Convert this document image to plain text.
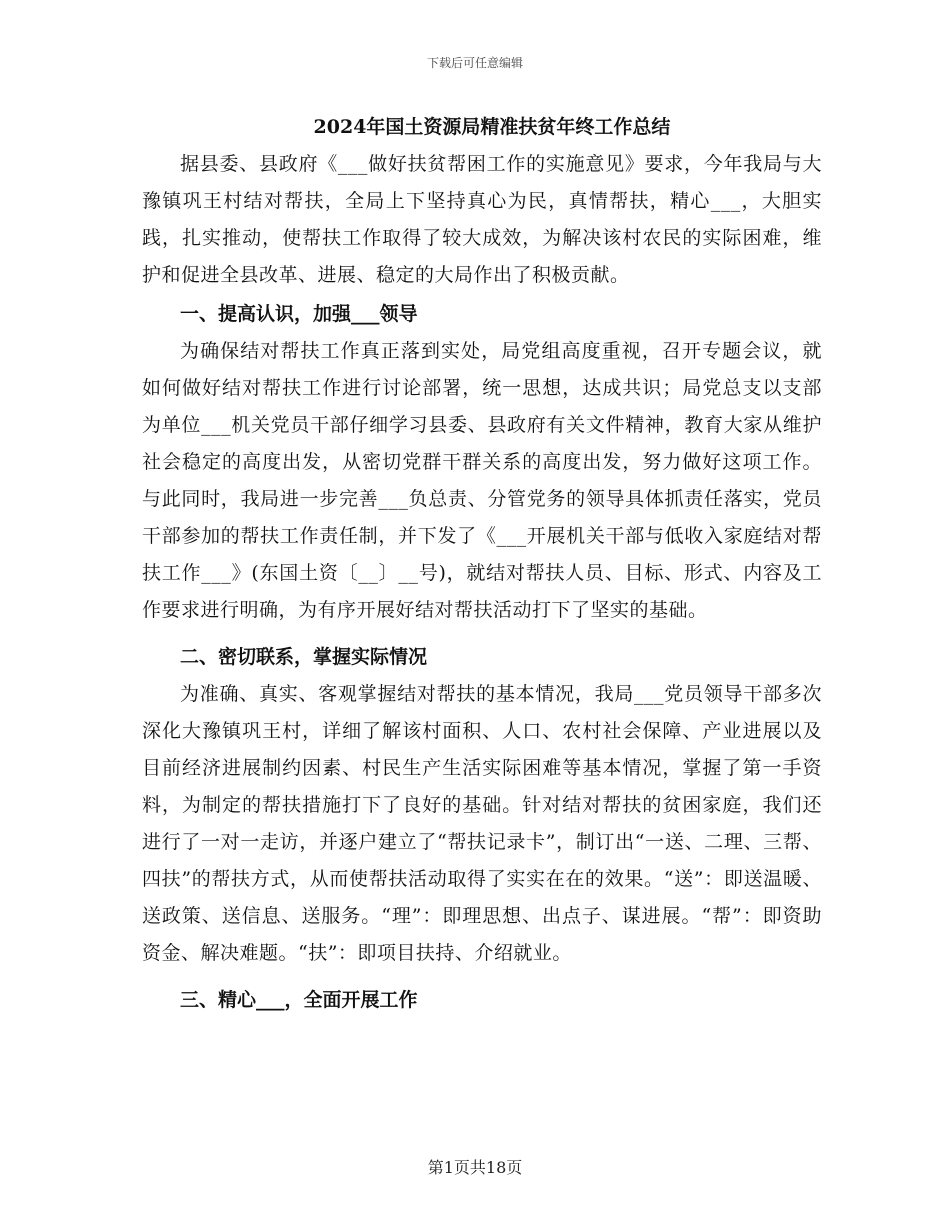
下载后可任意编辑
2024年国土资源局精准扶贫年终工作总结

据县委、县政府《___做好扶贫帮困工作的实施意见》要求，今年我局与大豫镇巩王村结对帮扶，全局上下坚持真心为民，真情帮扶，精心___，大胆实践，扎实推动，使帮扶工作取得了较大成效，为解决该村农民的实际困难，维护和促进全县改革、进展、稳定的大局作出了积极贡献。

一、提高认识，加强___领导

为确保结对帮扶工作真正落到实处，局党组高度重视，召开专题会议，就如何做好结对帮扶工作进行讨论部署，统一思想，达成共识；局党总支以支部为单位___机关党员干部仔细学习县委、县政府有关文件精神，教育大家从维护社会稳定的高度出发，从密切党群干群关系的高度出发，努力做好这项工作。与此同时，我局进一步完善___负总责、分管党务的领导具体抓责任落实，党员干部参加的帮扶工作责任制，并下发了《___开展机关干部与低收入家庭结对帮扶工作___》(东国土资〔__〕__号)，就结对帮扶人员、目标、形式、内容及工作要求进行明确，为有序开展好结对帮扶活动打下了坚实的基础。

二、密切联系，掌握实际情况

为准确、真实、客观掌握结对帮扶的基本情况，我局___党员领导干部多次深化大豫镇巩王村，详细了解该村面积、人口、农村社会保障、产业进展以及目前经济进展制约因素、村民生产生活实际困难等基本情况，掌握了第一手资料，为制定的帮扶措施打下了良好的基础。针对结对帮扶的贫困家庭，我们还进行了一对一走访，并逐户建立了“帮扶记录卡”，制订出“一送、二理、三帮、四扶”的帮扶方式，从而使帮扶活动取得了实实在在的效果。“送”：即送温暖、送政策、送信息、送服务。“理”：即理思想、出点子、谋进展。“帮”：即资助资金、解决难题。“扶”：即项目扶持、介绍就业。

三、精心___，全面开展工作
第1页共18页
